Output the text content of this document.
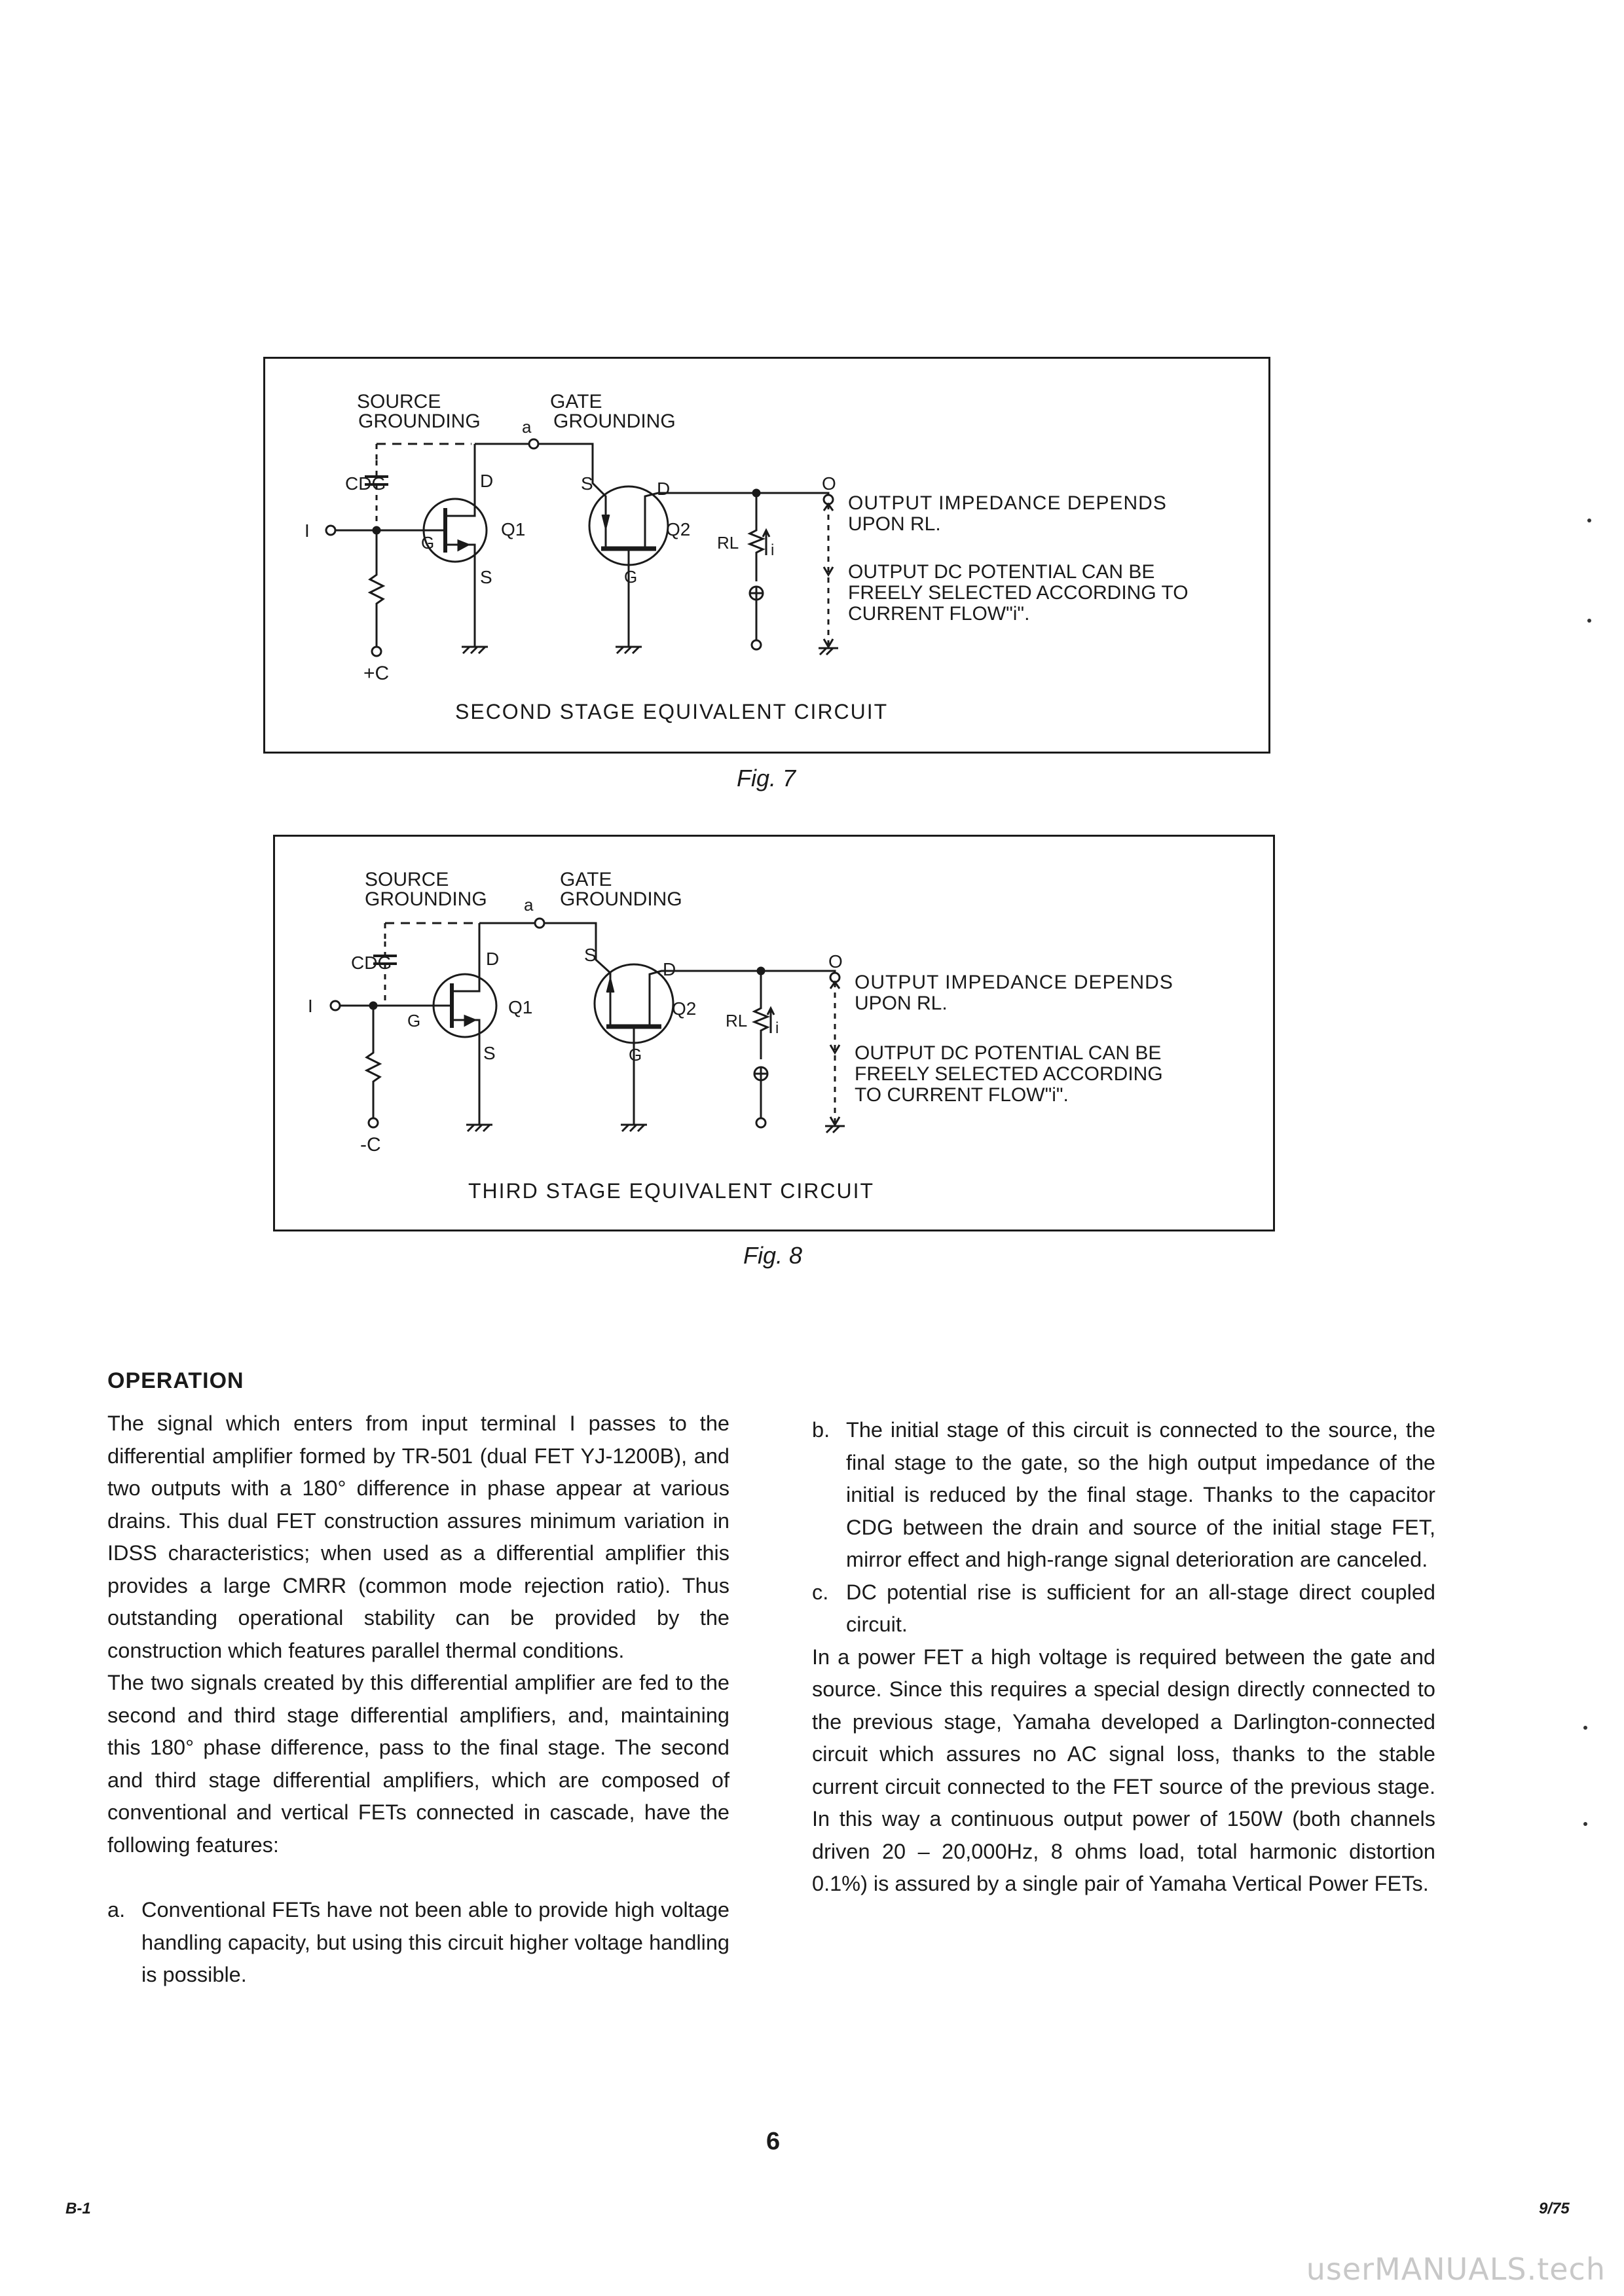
SOURCE
GROUNDING
GATE
GROUNDING
a
CDG	D
G
S
Q1
I
+C
S	D
G
Q2
O
RL i
OUTPUT IMPEDANCE DEPENDS
UPON RL.
OUTPUT DC POTENTIAL CAN BE
FREELY SELECTED ACCORDING TO
CURRENT FLOW"i".
SECOND STAGE EQUIVALENT CIRCUIT
Fig. 7
SOURCE
GROUNDING
GATE
GROUNDING
a
CDG	D
G
S
Q1
I
-C
S
D
G
Q2
O
RL i
OUTPUT IMPEDANCE DEPENDS
UPON RL.
OUTPUT DC POTENTIAL CAN BE
FREELY SELECTED ACCORDING
TO CURRENT FLOW"i".
THIRD STAGE EQUIVALENT CIRCUIT
Fig. 8
OPERATION

The signal which enters from input terminal I passes to the differential amplifier formed by TR-501 (dual FET YJ-1200B), and two outputs with a 180° difference in phase appear at various drains. This dual FET construction assures minimum variation in IDSS characteristics; when used as a differential amplifier this provides a large CMRR (common mode rejection ratio). Thus outstanding operational stability can be provided by the construction which features parallel thermal conditions.

The two signals created by this differential amplifier are fed to the second and third stage differential amplifiers, and, maintaining this 180° phase difference, pass to the final stage. The second and third stage differential amplifiers, which are composed of conventional and vertical FETs connected in cascade, have the following features:

a. Conventional FETs have not been able to provide high voltage handling capacity, but using this circuit higher voltage handling is possible.
b. The initial stage of this circuit is connected to the source, the final stage to the gate, so the high output impedance of the initial is reduced by the final stage. Thanks to the capacitor CDG between the drain and source of the initial stage FET, mirror effect and high-range signal deterioration are canceled.
c. DC potential rise is sufficient for an all-stage direct coupled circuit.

In a power FET a high voltage is required between the gate and source. Since this requires a special design directly connected to the previous stage, Yamaha developed a Darlington-connected circuit which assures no AC signal loss, thanks to the stable current circuit connected to the FET source of the previous stage. In this way a continuous output power of 150W (both channels driven 20 – 20,000Hz, 8 ohms load, total harmonic distortion 0.1%) is assured by a single pair of Yamaha Vertical Power FETs.

6
B-1	9/75
userMANUALS.tech
